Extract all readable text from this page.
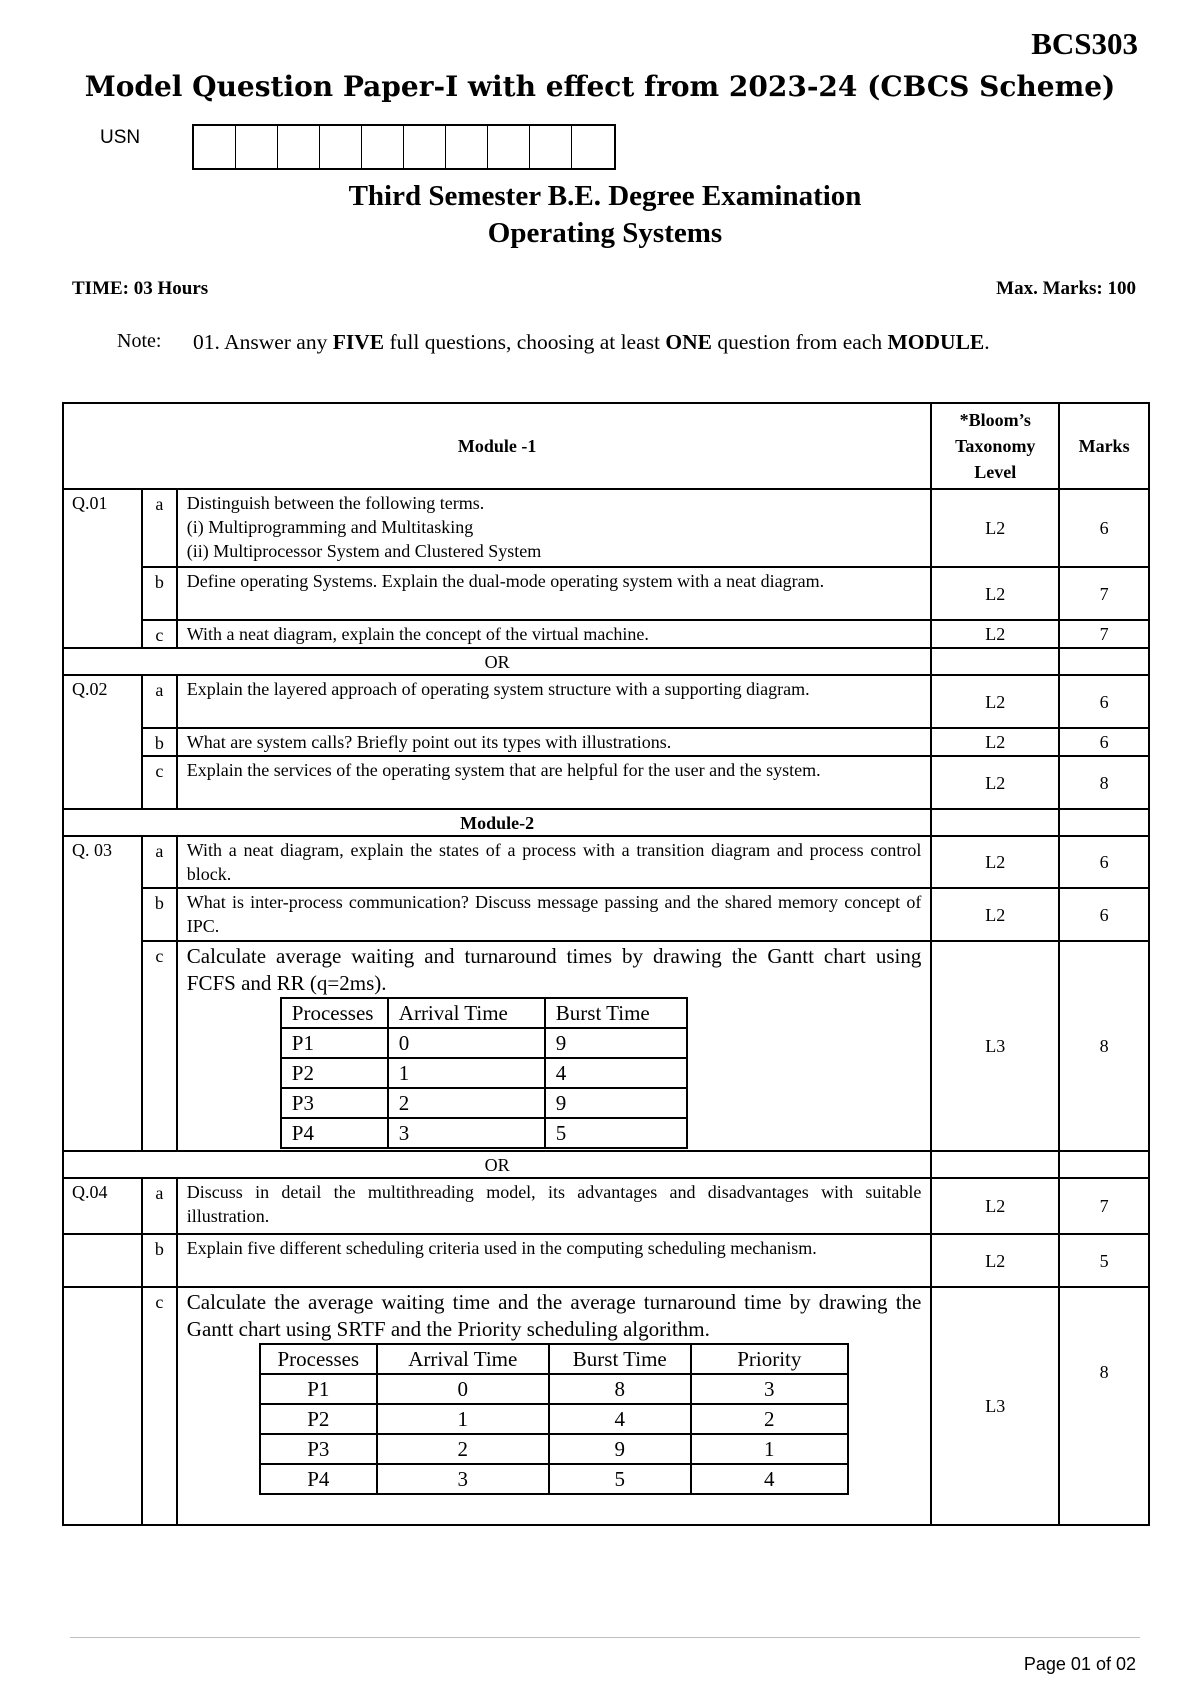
BCS303
Model Question Paper-I with effect from 2023-24 (CBCS Scheme)
USN
Third Semester B.E. Degree Examination
Operating Systems
TIME: 03 Hours	Max. Marks: 100
Note: 01. Answer any FIVE full questions, choosing at least ONE question from each MODULE.
Module -1	*Bloom’s Taxonomy Level	Marks
Q.01	a	Distinguish between the following terms.
(i) Multiprogramming and Multitasking
(ii) Multiprocessor System and Clustered System
	L2	6
b	Define operating Systems. Explain the dual-mode operating system with a neat diagram.	L2	7
c	With a neat diagram, explain the concept of the virtual machine.	L2	7
OR		
Q.02	a	Explain the layered approach of operating system structure with a supporting diagram.	L2	6
b	What are system calls? Briefly point out its types with illustrations.	L2	6
c	Explain the services of the operating system that are helpful for the user and the system.	L2	8
Module-2		
Q. 03	a	With a neat diagram, explain the states of a process with a transition diagram and process control block.	L2	6
b	What is inter-process communication? Discuss message passing and the shared memory concept of IPC.	L2	6
c	Calculate average waiting and turnaround times by drawing the Gantt chart using FCFS and RR (q=2ms).
Processes	Arrival Time	Burst Time
P1	0	9
P2	1	4
P3	2	9
P4	3	5
	L3	8
OR		
Q.04	a	Discuss in detail the multithreading model, its advantages and disadvantages with suitable illustration.	L2	7
	b	Explain five different scheduling criteria used in the computing scheduling mechanism.	L2	5
	c	Calculate the average waiting time and the average turnaround time by drawing the Gantt chart using SRTF and the Priority scheduling algorithm.
Processes	Arrival Time	Burst Time	Priority
P1	0	8	3
P2	1	4	2
P3	2	9	1
P4	3	5	4
	L3	8
Page 01 of 02
